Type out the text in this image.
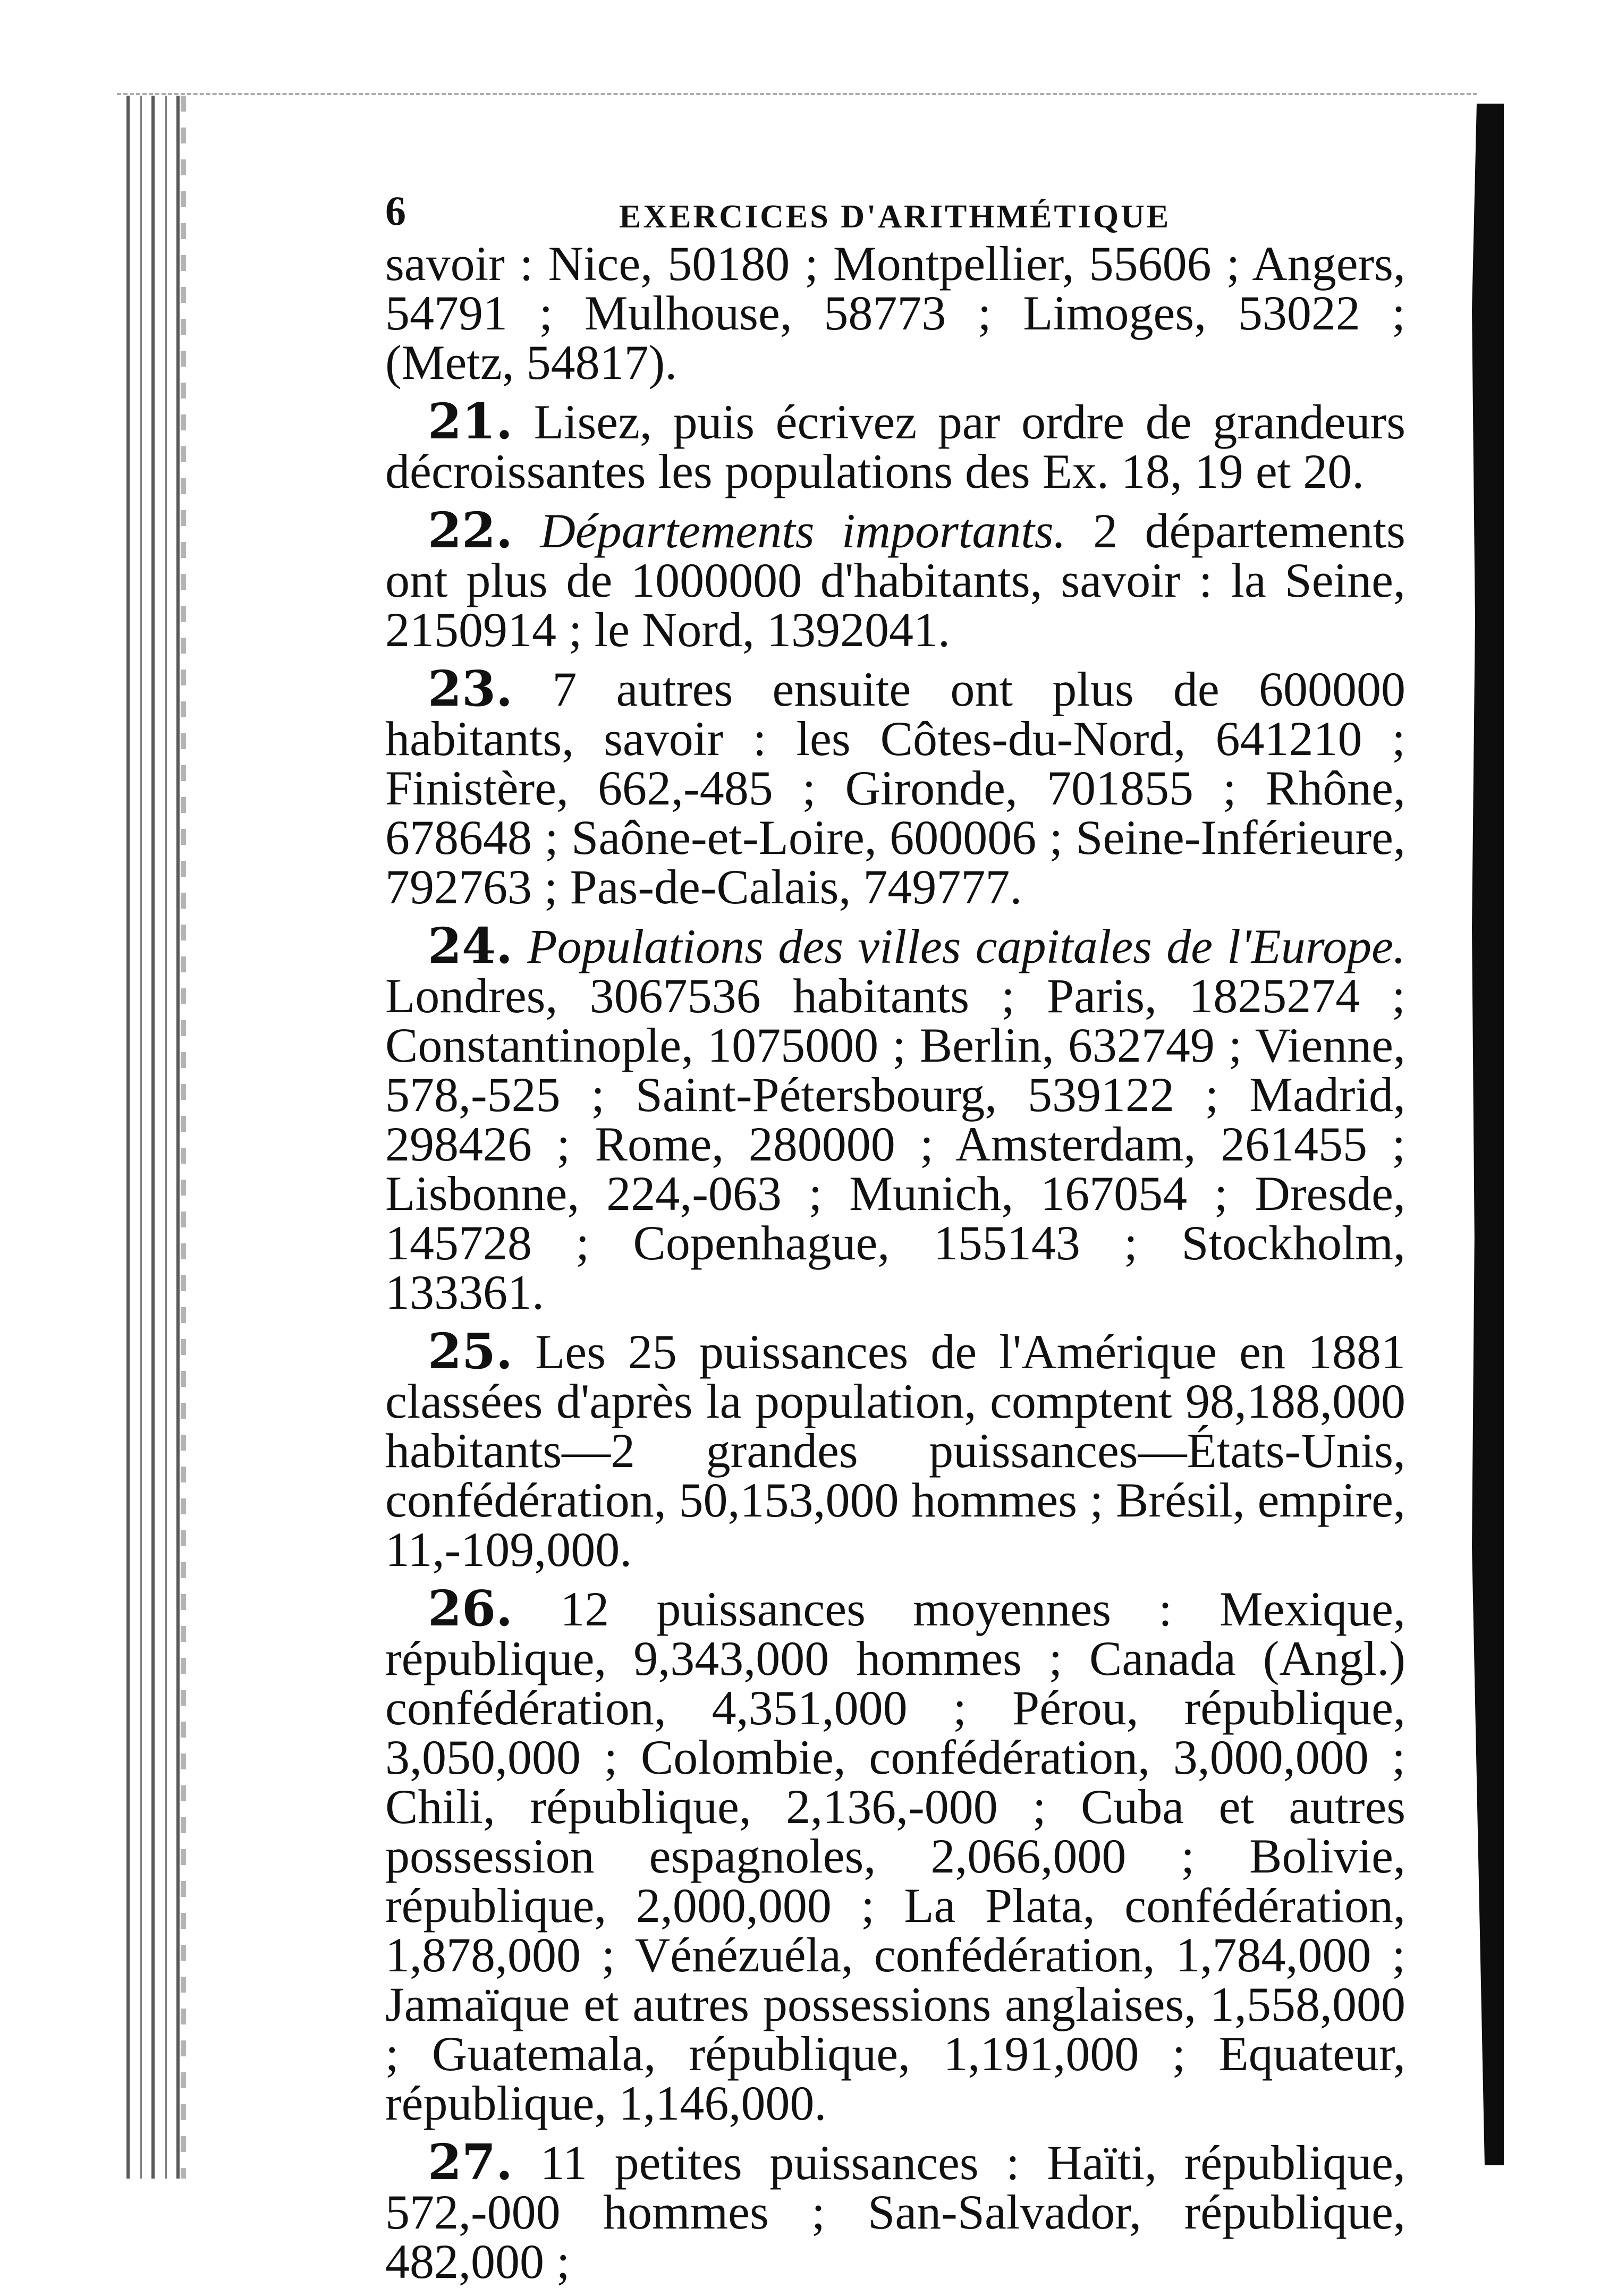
6	EXERCICES D'ARITHMÉTIQUE

savoir : Nice, 50180 ; Montpellier, 55606 ; Angers, 54791 ; Mulhouse, 58773 ; Limoges, 53022 ; (Metz, 54817).

21. Lisez, puis écrivez par ordre de grandeurs décroissantes les populations des Ex. 18, 19 et 20.

22. Départements importants. 2 départements ont plus de 1000000 d'habitants, savoir : la Seine, 2150914 ; le Nord, 1392041.

23. 7 autres ensuite ont plus de 600000 habitants, savoir : les Côtes-du-Nord, 641210 ; Finistère, 662,-485 ; Gironde, 701855 ; Rhône, 678648 ; Saône-et-Loire, 600006 ; Seine-Inférieure, 792763 ; Pas-de-Calais, 749777.

24. Populations des villes capitales de l'Europe. Londres, 3067536 habitants ; Paris, 1825274 ; Constantinople, 1075000 ; Berlin, 632749 ; Vienne, 578,-525 ; Saint-Pétersbourg, 539122 ; Madrid, 298426 ; Rome, 280000 ; Amsterdam, 261455 ; Lisbonne, 224,-063 ; Munich, 167054 ; Dresde, 145728 ; Copenhague, 155143 ; Stockholm, 133361.

25. Les 25 puissances de l'Amérique en 1881 classées d'après la population, comptent 98,188,000 habitants—2 grandes puissances—États-Unis, confédération, 50,153,000 hommes ; Brésil, empire, 11,-109,000.

26. 12 puissances moyennes : Mexique, république, 9,343,000 hommes ; Canada (Angl.) confédération, 4,351,000 ; Pérou, république, 3,050,000 ; Colombie, confédération, 3,000,000 ; Chili, république, 2,136,-000 ; Cuba et autres possession espagnoles, 2,066,000 ; Bolivie, république, 2,000,000 ; La Plata, confédération, 1,878,000 ; Vénézuéla, confédération, 1,784,000 ; Jamaïque et autres possessions anglaises, 1,558,000 ; Guatemala, république, 1,191,000 ; Equateur, république, 1,146,000.

27. 11 petites puissances : Haïti, république, 572,-000 hommes ; San-Salvador, république, 482,000 ;
